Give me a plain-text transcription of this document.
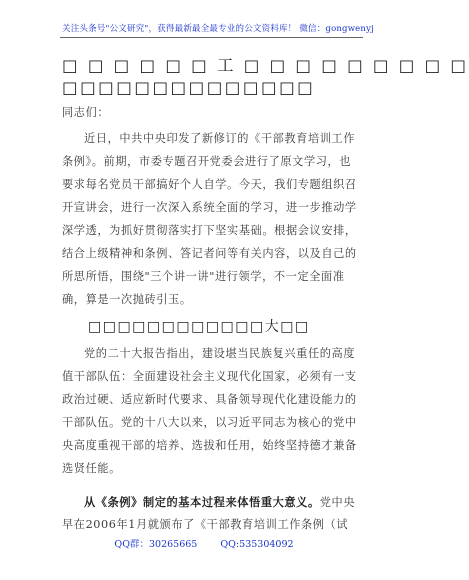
关注头条号"公文研究"，获得最新最全最专业的公文资料库！ 微信：gongwenyj
□ □ □ □ □ □ 工 □ □ □ □ □ □ □ □ □
□□□□□□□□□□□□□□
同志们：
近日，中共中央印发了新修订的《干部教育培训工作
条例》。前期，市委专题召开党委会进行了原文学习，也
要求每名党员干部搞好个人自学。今天，我们专题组织召
开宣讲会，进行一次深入系统全面的学习，进一步推动学
深学透，为抓好贯彻落实打下坚实基础。根据会议安排，
结合上级精神和条例、答记者问等有关内容，以及自己的
所思所悟，围绕"三个讲一讲"进行领学，不一定全面准
确，算是一次抛砖引玉。
□□□□□□□□□□□□大□□
党的二十大报告指出，建设堪当民族复兴重任的高度
值干部队伍：全面建设社会主义现代化国家，必须有一支
政治过硬、适应新时代要求、具备领导现代化建设能力的
干部队伍。党的十八大以来，以习近平同志为核心的党中
央高度重视干部的培养、选拔和任用，始终坚持德才兼备
选贤任能。
从《条例》制定的基本过程来体悟重大意义。党中央
早在2006年1月就颁布了《干部教育培训工作条例（试
QQ群：30265665 QQ:535304092
